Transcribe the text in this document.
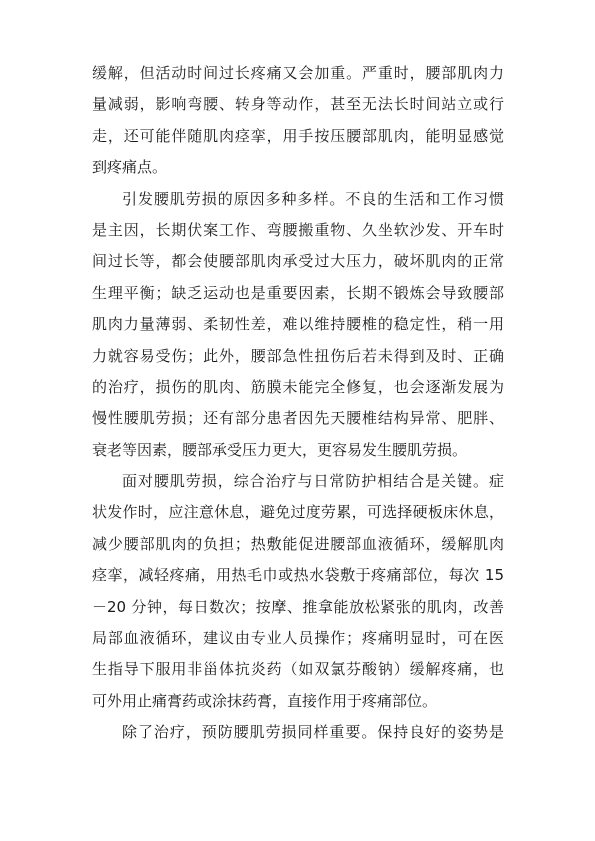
缓解，但活动时间过长疼痛又会加重。严重时，腰部肌肉力
量减弱，影响弯腰、转身等动作，甚至无法长时间站立或行
走，还可能伴随肌肉痉挛，用手按压腰部肌肉，能明显感觉
到疼痛点。
引发腰肌劳损的原因多种多样。不良的生活和工作习惯
是主因，长期伏案工作、弯腰搬重物、久坐软沙发、开车时
间过长等，都会使腰部肌肉承受过大压力，破坏肌肉的正常
生理平衡；缺乏运动也是重要因素，长期不锻炼会导致腰部
肌肉力量薄弱、柔韧性差，难以维持腰椎的稳定性，稍一用
力就容易受伤；此外，腰部急性扭伤后若未得到及时、正确
的治疗，损伤的肌肉、筋膜未能完全修复，也会逐渐发展为
慢性腰肌劳损；还有部分患者因先天腰椎结构异常、肥胖、
衰老等因素，腰部承受压力更大，更容易发生腰肌劳损。
面对腰肌劳损，综合治疗与日常防护相结合是关键。症
状发作时，应注意休息，避免过度劳累，可选择硬板床休息，
减少腰部肌肉的负担；热敷能促进腰部血液循环，缓解肌肉
痉挛，减轻疼痛，用热毛巾或热水袋敷于疼痛部位，每次 15
－20 分钟，每日数次；按摩、推拿能放松紧张的肌肉，改善
局部血液循环，建议由专业人员操作；疼痛明显时，可在医
生指导下服用非甾体抗炎药（如双氯芬酸钠）缓解疼痛，也
可外用止痛膏药或涂抹药膏，直接作用于疼痛部位。
除了治疗，预防腰肌劳损同样重要。保持良好的姿势是
